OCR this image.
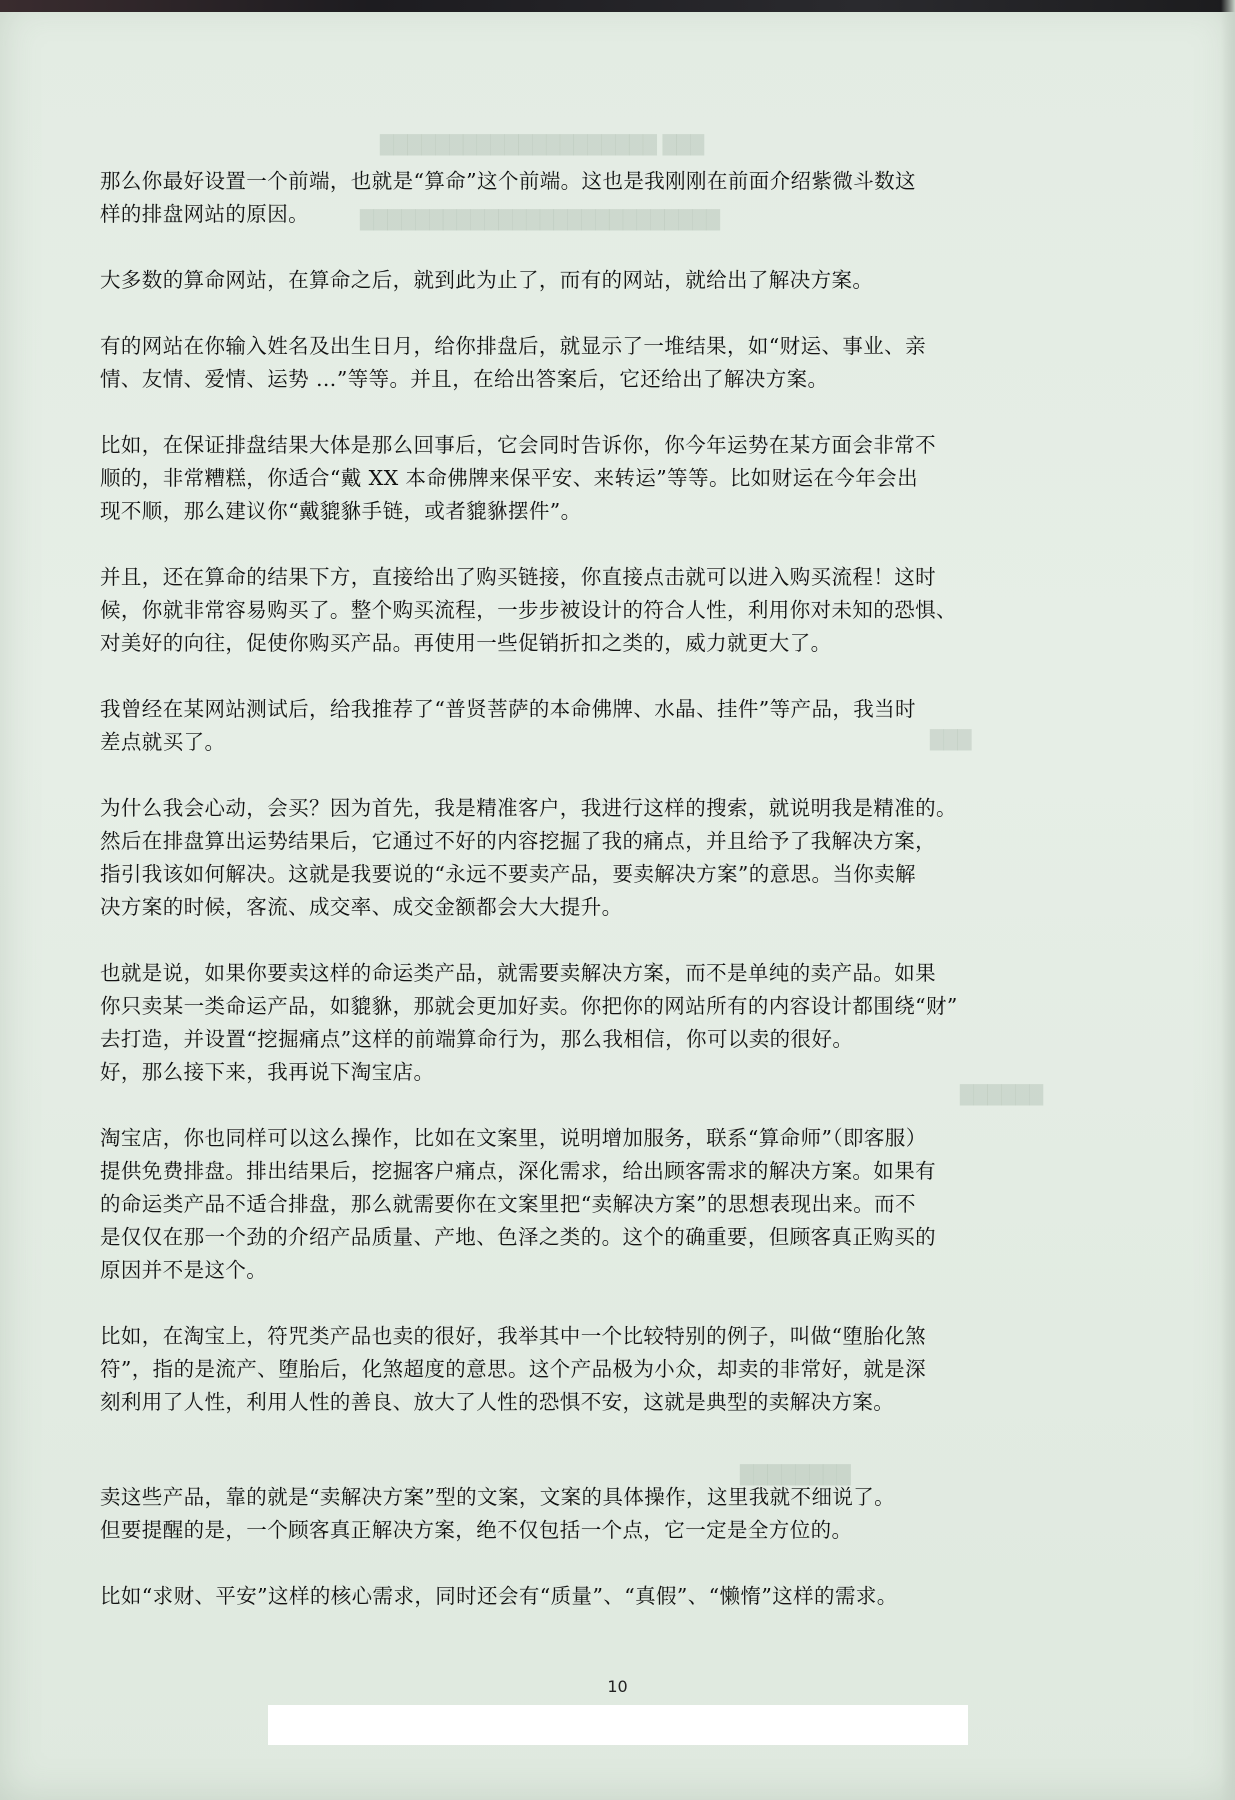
████████████████████ ███
██████████████████████████
███
██████
████████

那么你最好设置一个前端，也就是“算命”这个前端。这也是我刚刚在前面介绍紫微斗数这
样的排盘网站的原因。

大多数的算命网站，在算命之后，就到此为止了，而有的网站，就给出了解决方案。

有的网站在你输入姓名及出生日月，给你排盘后，就显示了一堆结果，如“财运、事业、亲
情、友情、爱情、运势 …”等等。并且，在给出答案后，它还给出了解决方案。

比如，在保证排盘结果大体是那么回事后，它会同时告诉你，你今年运势在某方面会非常不
顺的，非常糟糕，你适合“戴 XX 本命佛牌来保平安、来转运”等等。比如财运在今年会出
现不顺，那么建议你“戴貔貅手链，或者貔貅摆件”。

并且，还在算命的结果下方，直接给出了购买链接，你直接点击就可以进入购买流程！这时
候，你就非常容易购买了。整个购买流程，一步步被设计的符合人性，利用你对未知的恐惧、
对美好的向往，促使你购买产品。再使用一些促销折扣之类的，威力就更大了。

我曾经在某网站测试后，给我推荐了“普贤菩萨的本命佛牌、水晶、挂件”等产品，我当时
差点就买了。

为什么我会心动，会买？因为首先，我是精准客户，我进行这样的搜索，就说明我是精准的。
然后在排盘算出运势结果后，它通过不好的内容挖掘了我的痛点，并且给予了我解决方案，
指引我该如何解决。这就是我要说的“永远不要卖产品，要卖解决方案”的意思。当你卖解
决方案的时候，客流、成交率、成交金额都会大大提升。

也就是说，如果你要卖这样的命运类产品，就需要卖解决方案，而不是单纯的卖产品。如果
你只卖某一类命运产品，如貔貅，那就会更加好卖。你把你的网站所有的内容设计都围绕“财”
去打造，并设置“挖掘痛点”这样的前端算命行为，那么我相信，你可以卖的很好。
好，那么接下来，我再说下淘宝店。

淘宝店，你也同样可以这么操作，比如在文案里，说明增加服务，联系“算命师”（即客服）
提供免费排盘。排出结果后，挖掘客户痛点，深化需求，给出顾客需求的解决方案。如果有
的命运类产品不适合排盘，那么就需要你在文案里把“卖解决方案”的思想表现出来。而不
是仅仅在那一个劲的介绍产品质量、产地、色泽之类的。这个的确重要，但顾客真正购买的
原因并不是这个。

比如，在淘宝上，符咒类产品也卖的很好，我举其中一个比较特别的例子，叫做“堕胎化煞
符”，指的是流产、堕胎后，化煞超度的意思。这个产品极为小众，却卖的非常好，就是深
刻利用了人性，利用人性的善良、放大了人性的恐惧不安，这就是典型的卖解决方案。

卖这些产品，靠的就是“卖解决方案”型的文案，文案的具体操作，这里我就不细说了。
但要提醒的是，一个顾客真正解决方案，绝不仅包括一个点，它一定是全方位的。

比如“求财、平安”这样的核心需求，同时还会有“质量”、“真假”、“懒惰”这样的需求。

10
